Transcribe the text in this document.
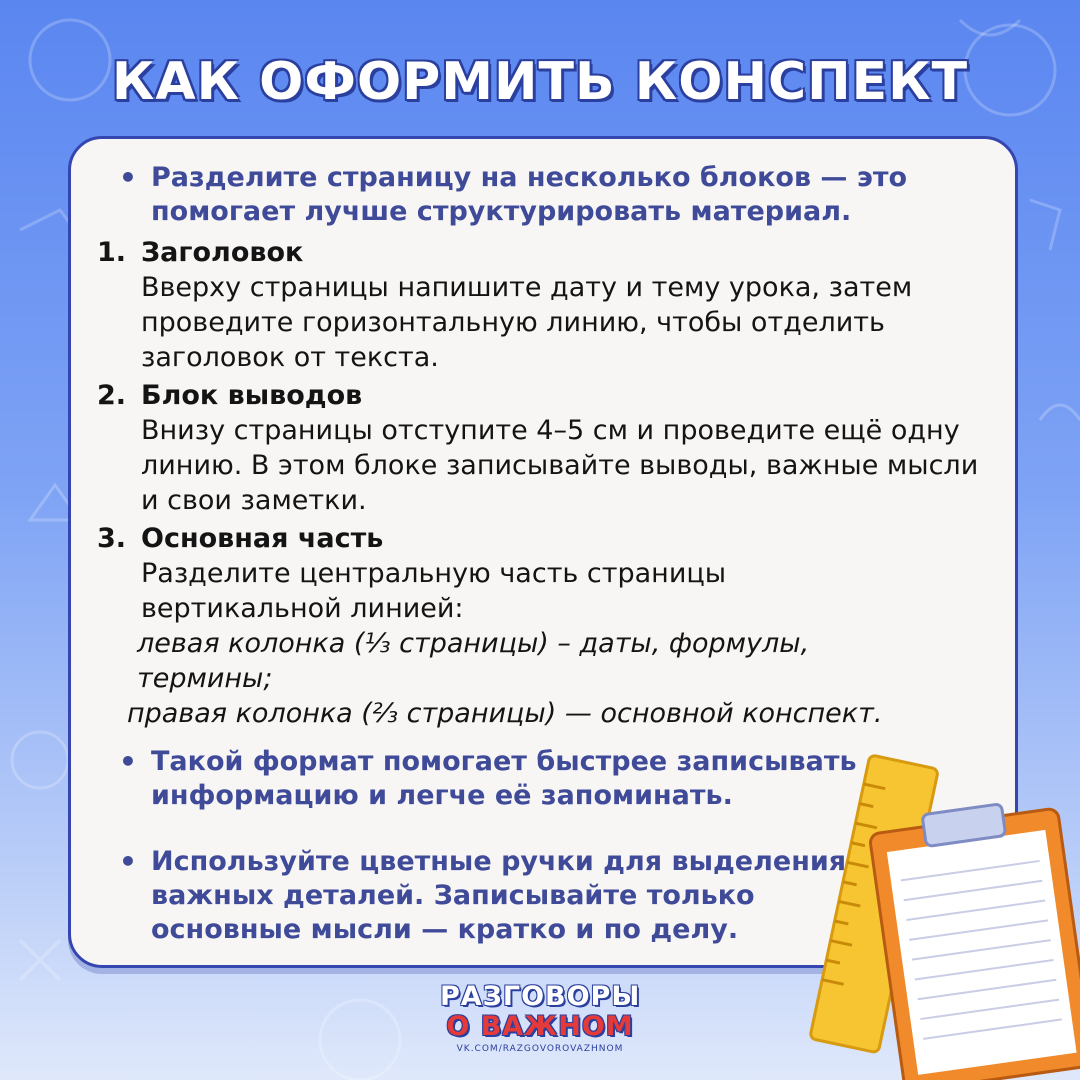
КАК ОФОРМИТЬ КОНСПЕКТ
• Разделите страницу на несколько блоков — это помогает лучше структурировать материал.
1. Заголовок
Вверху страницы напишите дату и тему урока, затем проведите горизонтальную линию, чтобы отделить заголовок от текста.
2. Блок выводов
Внизу страницы отступите 4–5 см и проведите ещё одну линию. В этом блоке записывайте выводы, важные мысли и свои заметки.
3. Основная часть
Разделите центральную часть страницы вертикальной линией:
левая колонка (⅓ страницы) – даты, формулы, термины;
правая колонка (⅔ страницы) — основной конспект.
• Такой формат помогает быстрее записывать информацию и легче её запоминать.
• Используйте цветные ручки для выделения важных деталей. Записывайте только основные мысли — кратко и по делу.
РАЗГОВОРЫ
О ВАЖНОМ
VK.COM/RAZGOVOROVAZHNOM
